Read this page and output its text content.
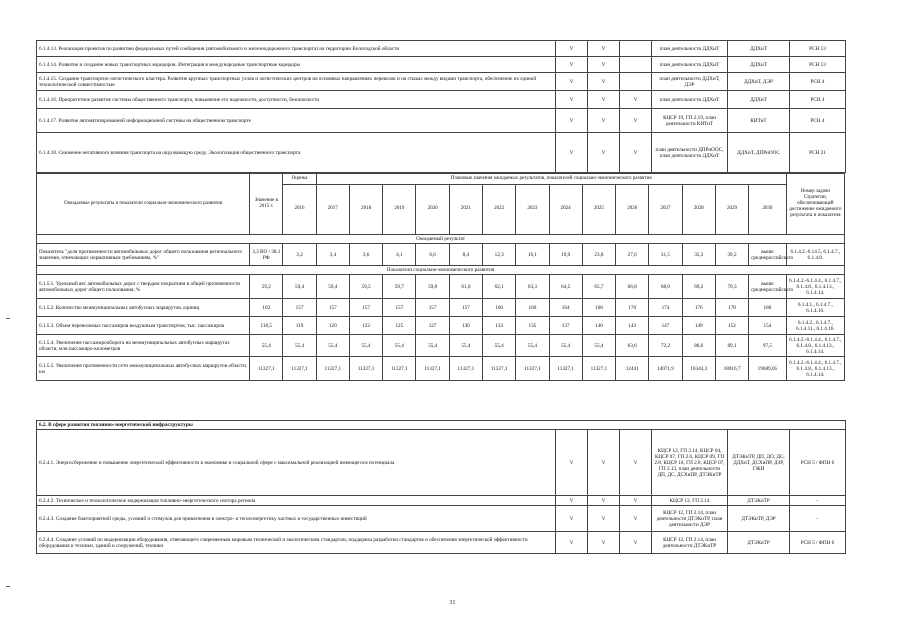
6.1.4.13. Реализация проектов по развитию федеральных путей сообщения (автомобильного и железнодорожного транспорта) на территории Вологодской области	V	V		план деятельности ДДХиТ	ДДХиТ	РСН 13
6.1.4.14. Развитие и создание новых транспортных коридоров. Интеграция в международные транспортные коридоры	V	V		план деятельности ДДХиТ	ДДХиТ	РСН 13
6.1.4.15. Создание транспортно-логистического кластера. Развитие крупных транспортных узлов и логистических центров на основных направлениях перевозок и на стыках между видами транспорта, обеспечение их единой технологической совместимостью	V	V		план деятельности ДДХиТ, ДЭР	ДДХиТ, ДЭР	РСН 4
6.1.4.16. Приоритетное развитие системы общественного транспорта, повышение его надежности, доступности, безопасности	V	V	V	план деятельности ДДХиТ	ДДХиТ	РСН 4
6.1.4.17. Развитие автоматизированной информационной системы на общественном транспорте	V	V	V	КЦСР 19, ГП 2.19, план деятельности КИТиТ	КИТиТ	РСН 4
6.1.4.18. Снижение негативного влияния транспорта на окружающую среду. Экологизация общественного транспорта	V	V	V	план деятельности ДПРиООС, план деятельности ДДХиТ	ДДХиТ, ДПРиООС	РСН 21
Ожидаемые результаты и показатели социально-экономического развития	Значение в 2015 г.	Оценка	Плановые значения ожидаемых результатов, показателей социально-экономического развития														Номер задачи Стратегии, обеспечивающей достижение ожидаемого результата и показателя
		2016	2017	2018	2019	2020	2021	2022	2023	2024	2025	2026	2027	2028	2029	2030	
Ожидаемый результат																	
Показатель "доля протяженности автомобильных дорог общего пользования регионального значения, отвечающих нормативным требованиям, %"	3,3 ВО / 38,1 РФ	3,2	3,4	3,6	4,1	6,6	8,4	12,3	16,1	19,9	23,8	27,6	31,5	35,3	39,2	выше среднероссийского	6.1.4.2.-6.14.5, 6.1.4.7., 6.1.4.8.
Показатели социально-экономического развития																	
6.1.5.1. Удельный вес автомобильных дорог с твердым покрытием в общей протяженности автомобильных дорог общего пользования, %	59,2	59,4	59,4	59,5	59,7	59,8	61,0	62,1	63,3	64,5	65,7	66,8	68,0	69,2	70,3	выше среднероссийского	6.1.4.2.-6.1.4.4., 6.1.4.7., 6.1.4.8., 6.1.4.13., 6.1.4.14.
6.1.5.2. Количество межмуниципальных автобусных маршрутов, единиц	102	157	157	157	157	157	157	160	160	164	168	170	174	176	178	180	6.1.4.1., 6.1.4.7., 6.1.4.16.
6.1.5.3. Объем перевозимых пассажиров воздушным транспортом, тыс. пассажиров	118,5	119	120	122	125	127	130	133	135	137	140	143	147	149	152	154	6.1.4.2., 6.1.4.7., 6.1.4.11., 6.1.4.16.
6.1.5.4. Увеличение пассажирооборота на межмуниципальных автобусных маршрутах области, млн.пассажиро-километров	55,4	55,4	55,4	55,4	55,4	55,4	55,4	55,4	55,4	55,4	55,4	63,6	72,2	80,6	89,1	97,5	6.1.4.2.-6.1.4.4., 6.1.4.7., 6.1.4.8., 6.1.4.13., 6.1.4.14.
6.1.5.5. Увеличение протяженности сети межмуниципальных автобусных маршрутов области, км	11327,1	11327,1	11327,1	11327,1	11327,1	11327,1	11327,1	11327,1	11327,1	11327,1	11327,1	12441	14071,9	16344,3	18016,7	19689,05	6.1.4.2.-6.1.4.4., 6.1.4.7., 6.1.4.8., 6.1.4.13., 6.1.4.14.
6.2. В сфере развития топливно-энергетической инфраструктуры						
6.2.4.1. Энергосбережение и повышение энергетической эффективности в экономике и социальной сфере с максимальной реализацией имеющегося потенциала	V	V	V	КЦСР 12, ГП 2.14, КЦСР 04, КЦСР 07, ГП 2.6, КЦСР 09, ГП 2.8, КЦСР 18, ГП 2.8, КЦСР 07, ГП 2.13, план деятельности ДП, ДС, ДСХиПР, ДТЭКиТР	ДТЭКиТР, ДП, ДО, ДС, ДДХиТ, ДСХиПР, ДЗР, ГЖИ	РСН 5 / ФПН 6
6.2.4.2. Техническое и технологическое модернизация топливно-энергетического сектора региона	V	V	V	КЦСР 12, ГП 2.14	ДТЭКиТР	-
6.2.4.3. Создание благоприятной среды, условий и стимулов для привлечения в электро- и теплоэнергетику частных и государственных инвестиций	V	V	V	КЦСР 12, ГП 2.14, план деятельности ДТЭКиТР, план деятельности ДЭР	ДТЭКиТР, ДЭР	-
6.2.4.4. Создание условий по модернизации оборудования, отвечающего современным мировым технической и экологическим стандартам, поддержка разработки стандартов и обеспечения энергетической эффективности оборудования и техники, зданий и сооружений, техники	V	V	V	КЦСР 12, ГП 2.14, план деятельности ДТЭКиТР	ДТЭКиТР	РСН 5 / ФПН 6
31
